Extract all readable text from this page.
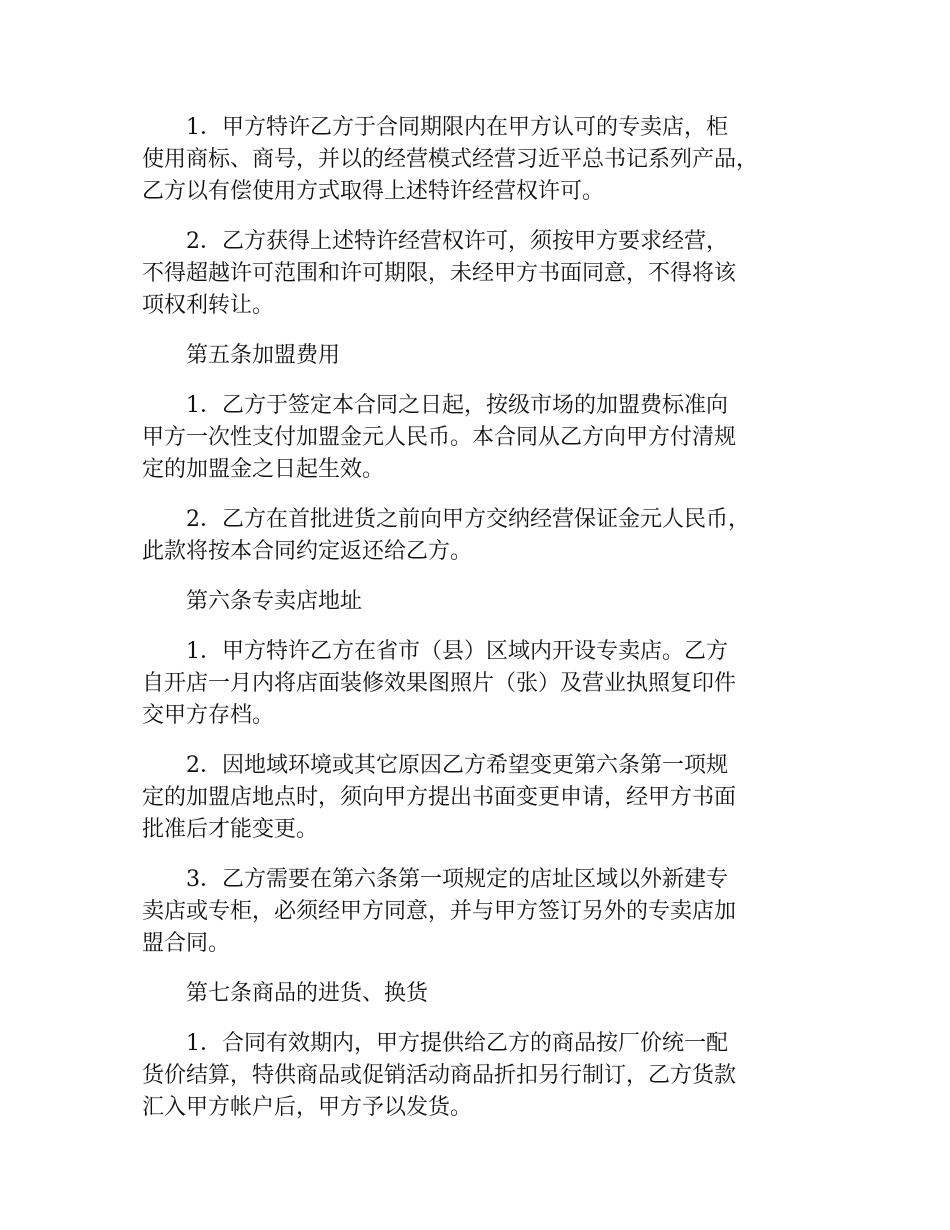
1．甲方特许乙方于合同期限内在甲方认可的专卖店，柜
使用商标、商号，并以的经营模式经营习近平总书记系列产品，
乙方以有偿使用方式取得上述特许经营权许可。

2．乙方获得上述特许经营权许可，须按甲方要求经营，
不得超越许可范围和许可期限，未经甲方书面同意，不得将该
项权利转让。

第五条加盟费用

1．乙方于签定本合同之日起，按级市场的加盟费标准向
甲方一次性支付加盟金元人民币。本合同从乙方向甲方付清规
定的加盟金之日起生效。

2．乙方在首批进货之前向甲方交纳经营保证金元人民币，
此款将按本合同约定返还给乙方。

第六条专卖店地址

1．甲方特许乙方在省市（县）区域内开设专卖店。乙方
自开店一月内将店面装修效果图照片（张）及营业执照复印件
交甲方存档。

2．因地域环境或其它原因乙方希望变更第六条第一项规
定的加盟店地点时，须向甲方提出书面变更申请，经甲方书面
批准后才能变更。

3．乙方需要在第六条第一项规定的店址区域以外新建专
卖店或专柜，必须经甲方同意，并与甲方签订另外的专卖店加
盟合同。

第七条商品的进货、换货

1．合同有效期内，甲方提供给乙方的商品按厂价统一配
货价结算，特供商品或促销活动商品折扣另行制订，乙方货款
汇入甲方帐户后，甲方予以发货。
